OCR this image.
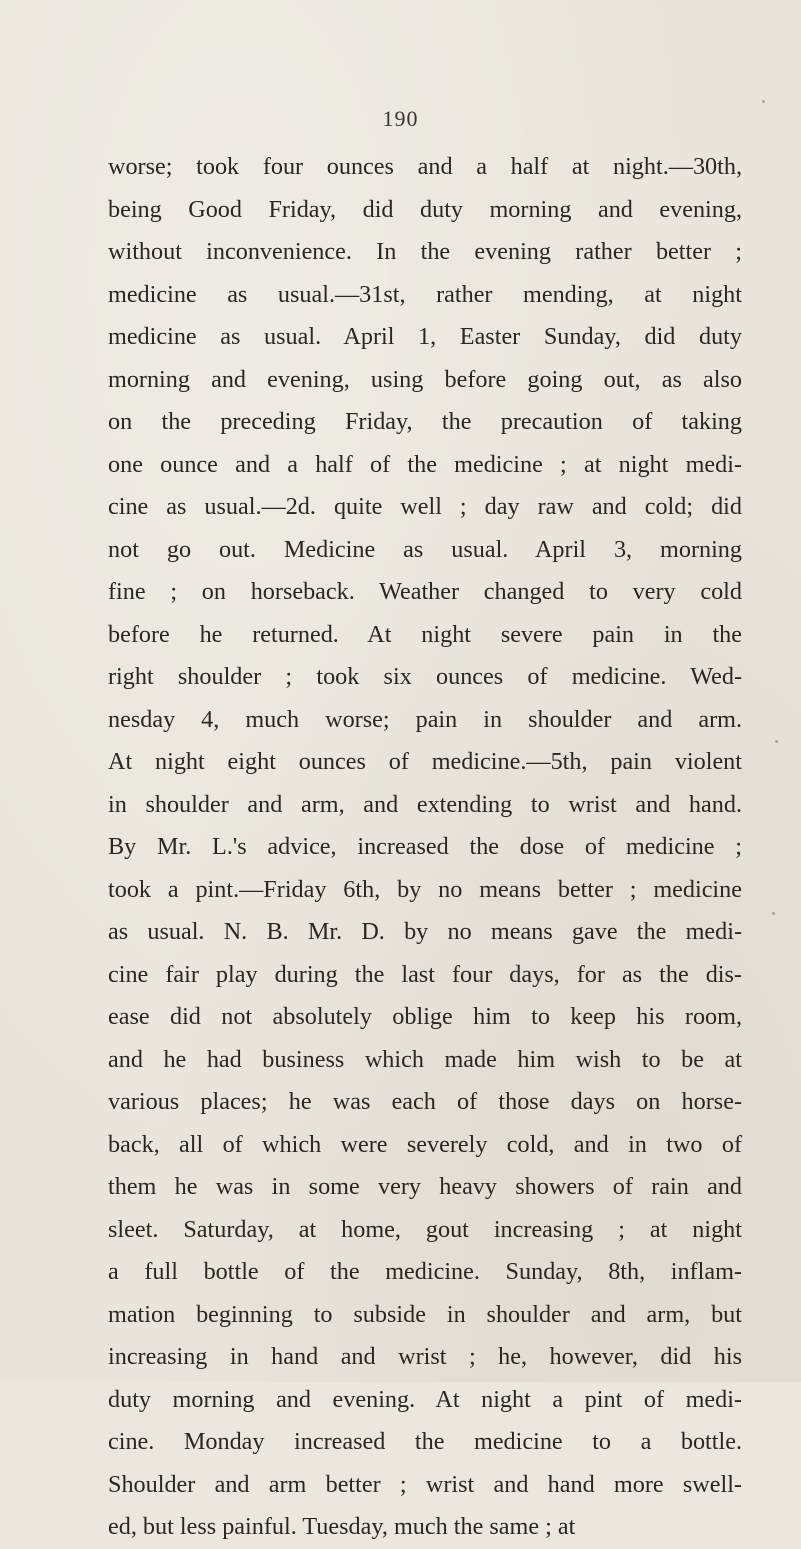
190
worse; took four ounces and a half at night.—30th,
being Good Friday, did duty morning and evening,
without inconvenience. In the evening rather better ;
medicine as usual.—31st, rather mending, at night
medicine as usual. April 1, Easter Sunday, did duty
morning and evening, using before going out, as also
on the preceding Friday, the precaution of taking
one ounce and a half of the medicine ; at night medi-
cine as usual.—2d. quite well ; day raw and cold; did
not go out. Medicine as usual. April 3, morning
fine ; on horseback. Weather changed to very cold
before he returned. At night severe pain in the
right shoulder ; took six ounces of medicine. Wed-
nesday 4, much worse; pain in shoulder and arm.
At night eight ounces of medicine.—5th, pain violent
in shoulder and arm, and extending to wrist and hand.
By Mr. L.'s advice, increased the dose of medicine ;
took a pint.—Friday 6th, by no means better ; medicine
as usual. N. B. Mr. D. by no means gave the medi-
cine fair play during the last four days, for as the dis-
ease did not absolutely oblige him to keep his room,
and he had business which made him wish to be at
various places; he was each of those days on horse-
back, all of which were severely cold, and in two of
them he was in some very heavy showers of rain and
sleet. Saturday, at home, gout increasing ; at night
a full bottle of the medicine. Sunday, 8th, inflam-
mation beginning to subside in shoulder and arm, but
increasing in hand and wrist ; he, however, did his
duty morning and evening. At night a pint of medi-
cine. Monday increased the medicine to a bottle.
Shoulder and arm better ; wrist and hand more swell-
ed, but less painful. Tuesday, much the same ; at
